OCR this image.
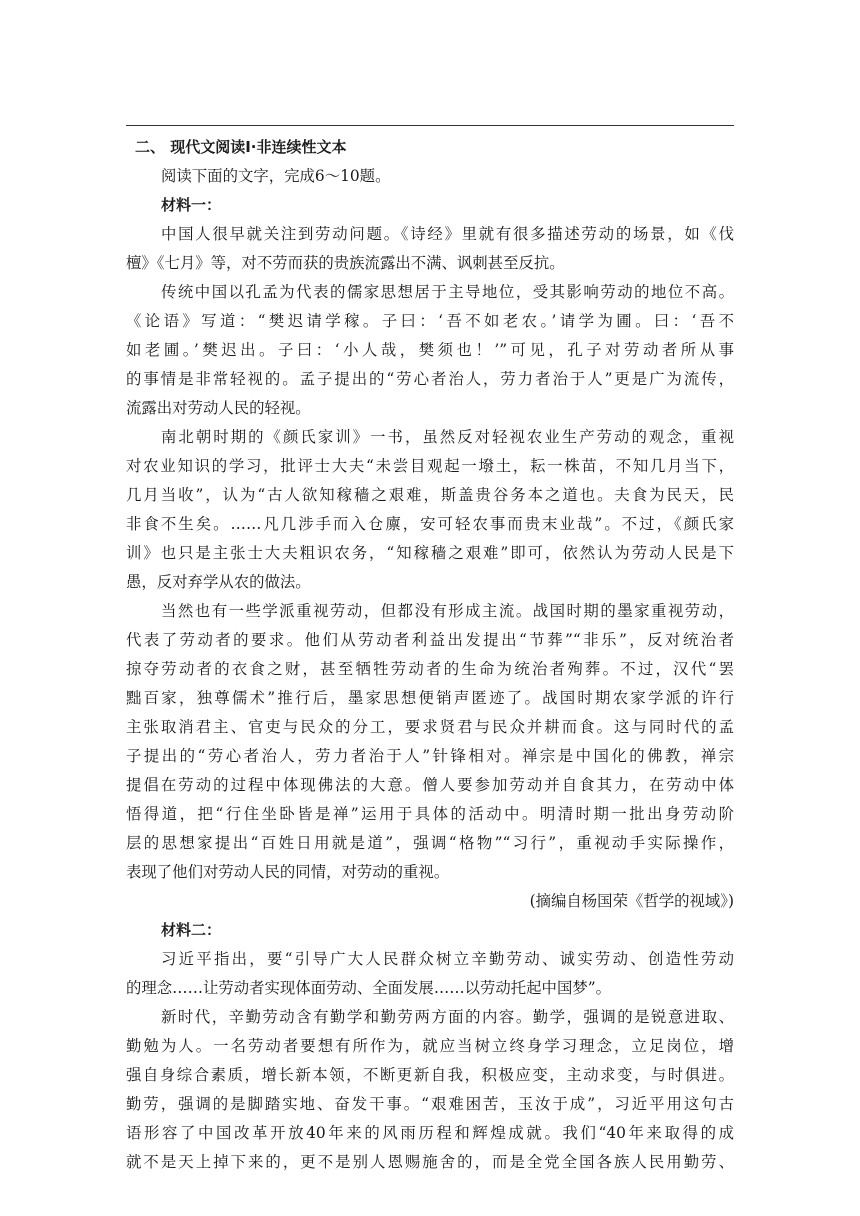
二、 现代文阅读Ⅰ·非连续性文本
阅读下面的文字，完成6～10题。
材料一：
中国人很早就关注到劳动问题。《诗经》里就有很多描述劳动的场景，如《伐
檀》《七月》等，对不劳而获的贵族流露出不满、讽刺甚至反抗。
传统中国以孔孟为代表的儒家思想居于主导地位，受其影响劳动的地位不高。
《论语》写道：“樊迟请学稼。子曰：‘吾不如老农。’请学为圃。曰：‘吾不
如老圃。’樊迟出。子曰：‘小人哉，樊须也！’”可见，孔子对劳动者所从事
的事情是非常轻视的。孟子提出的“劳心者治人，劳力者治于人”更是广为流传，
流露出对劳动人民的轻视。
南北朝时期的《颜氏家训》一书，虽然反对轻视农业生产劳动的观念，重视
对农业知识的学习，批评士大夫“未尝目观起一墢土，耘一株苗，不知几月当下，
几月当收”，认为“古人欲知稼穑之艰难，斯盖贵谷务本之道也。夫食为民天，民
非食不生矣。……凡几涉手而入仓廪，安可轻农事而贵末业哉”。不过，《颜氏家
训》也只是主张士大夫粗识农务，“知稼穑之艰难”即可，依然认为劳动人民是下
愚，反对弃学从农的做法。
当然也有一些学派重视劳动，但都没有形成主流。战国时期的墨家重视劳动，
代表了劳动者的要求。他们从劳动者利益出发提出“节葬”“非乐”，反对统治者
掠夺劳动者的衣食之财，甚至牺牲劳动者的生命为统治者殉葬。不过，汉代“罢
黜百家，独尊儒术”推行后，墨家思想便销声匿迹了。战国时期农家学派的许行
主张取消君主、官吏与民众的分工，要求贤君与民众并耕而食。这与同时代的孟
子提出的“劳心者治人，劳力者治于人”针锋相对。禅宗是中国化的佛教，禅宗
提倡在劳动的过程中体现佛法的大意。僧人要参加劳动并自食其力，在劳动中体
悟得道，把“行住坐卧皆是禅”运用于具体的活动中。明清时期一批出身劳动阶
层的思想家提出“百姓日用就是道”，强调“格物”“习行”，重视动手实际操作，
表现了他们对劳动人民的同情，对劳动的重视。
(摘编自杨国荣《哲学的视域》)
材料二：
习近平指出，要“引导广大人民群众树立辛勤劳动、诚实劳动、创造性劳动
的理念……让劳动者实现体面劳动、全面发展……以劳动托起中国梦”。
新时代，辛勤劳动含有勤学和勤劳两方面的内容。勤学，强调的是锐意进取、
勤勉为人。一名劳动者要想有所作为，就应当树立终身学习理念，立足岗位，增
强自身综合素质，增长新本领，不断更新自我，积极应变，主动求变，与时俱进。
勤劳，强调的是脚踏实地、奋发干事。“艰难困苦，玉汝于成”，习近平用这句古
语形容了中国改革开放40年来的风雨历程和辉煌成就。我们“40年来取得的成
就不是天上掉下来的，更不是别人恩赐施舍的，而是全党全国各族人民用勤劳、
